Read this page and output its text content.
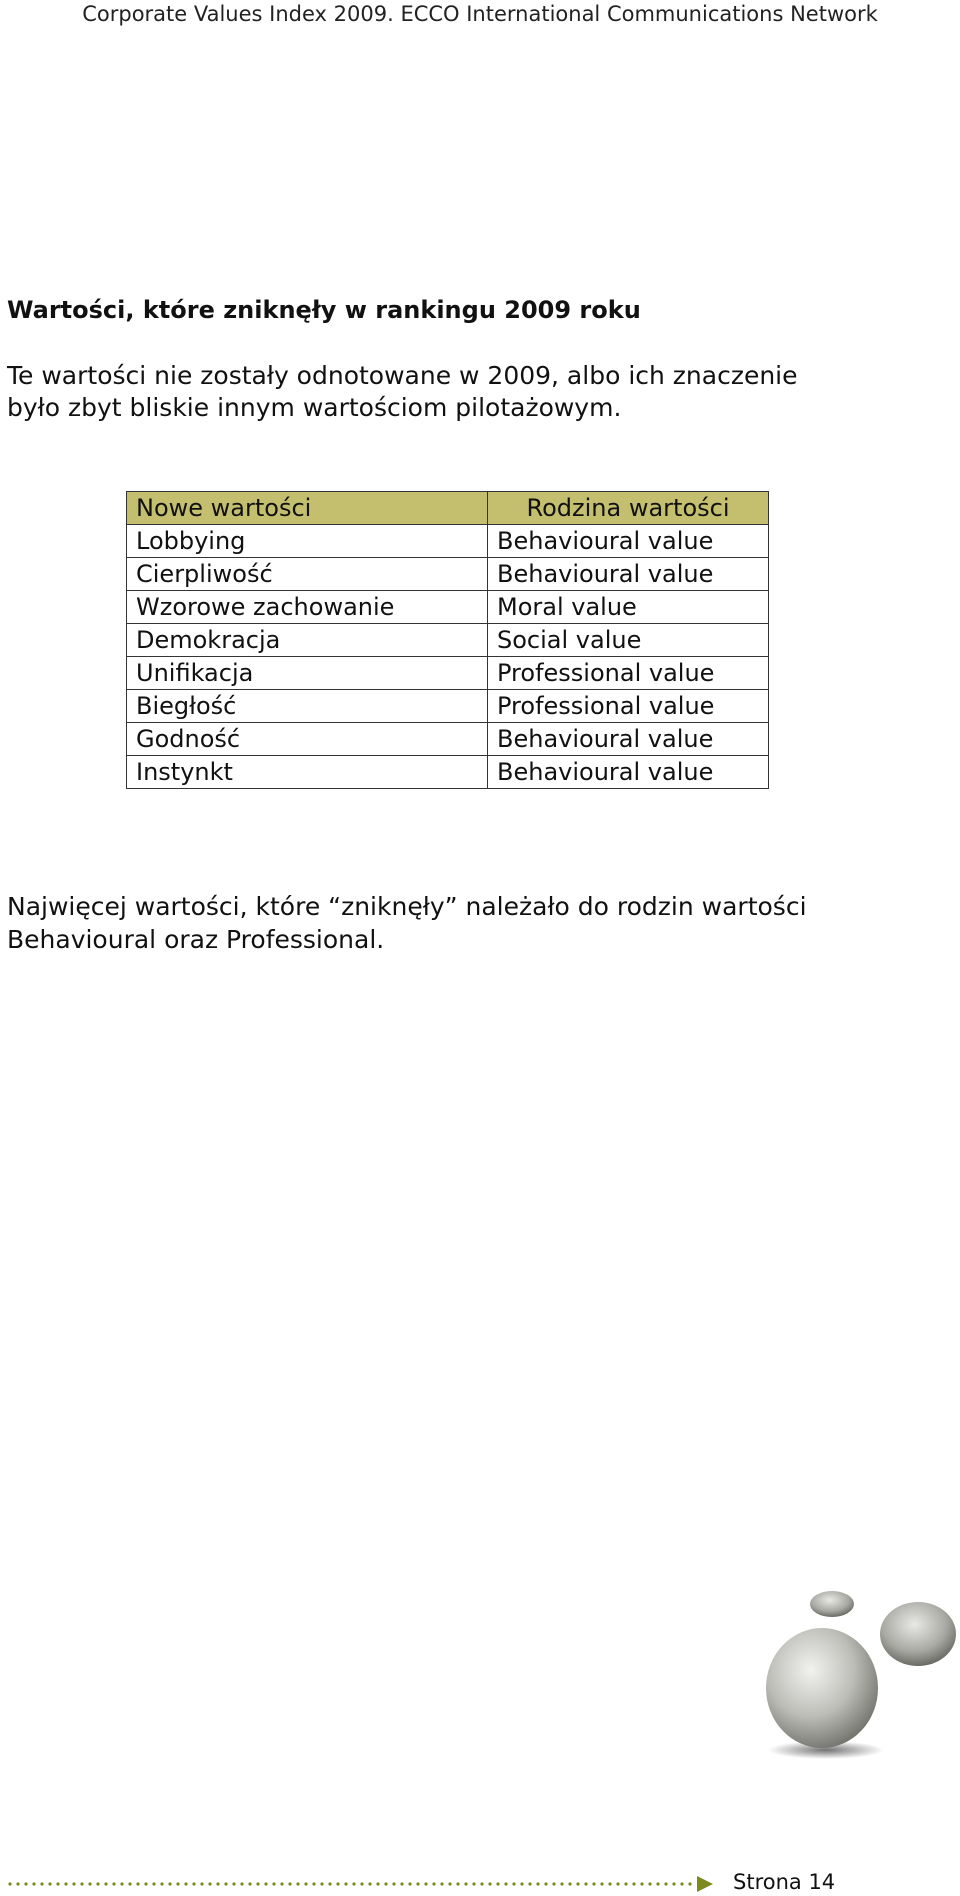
Corporate Values Index 2009. ECCO International Communications Network
Wartości, które zniknęły w rankingu 2009 roku

Te wartości nie zostały odnotowane w 2009, albo ich znaczenie
było zbyt bliskie innym wartościom pilotażowym.

Nowe wartości	Rodzina wartości
Lobbying	Behavioural value
Cierpliwość	Behavioural value
Wzorowe zachowanie	Moral value
Demokracja	Social value
Unifikacja	Professional value
Biegłość	Professional value
Godność	Behavioural value
Instynkt	Behavioural value

Najwięcej wartości, które “zniknęły” należało do rodzin wartości
Behavioural oraz Professional.

Strona 14
